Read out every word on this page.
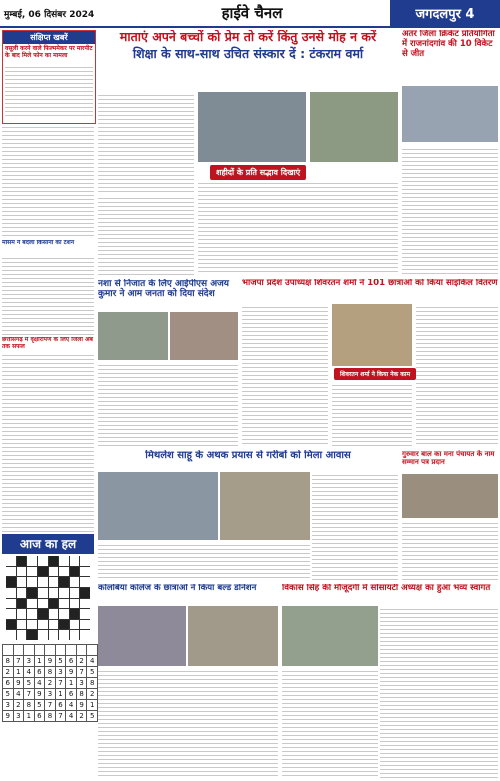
मुम्बई, 06 दिसंबर 2024	हाईवे चैनल	जगदलपुर 4
संक्षिप्त खबरें
वसूली करने वाले फिल्ममेकर पर मारपीट के बाद मिले फोन का मामला
मौसम ने बदला किसानों का टेंशन
छत्तीसगढ़ में वृक्षारोपण के लिए जिला अब तक सफल
आज का हल

8	7	3	1	9	5	6	2	4
2	1	4	6	8	3	9	7	5
6	9	5	4	2	7	1	3	8
5	4	7	9	3	1	6	8	2
3	2	8	5	7	6	4	9	1
9	3	1	6	8	7	4	2	5
माताएं अपने बच्चों को प्रेम तो करें किंतु उनसे मोह न करें
शिक्षा के साथ-साथ उचित संस्कार दें : टंकराम वर्मा
शहीदों के प्रति सद्भाव दिखाएं
अंतर जिला क्रिकेट प्रतियोगिता में राजनांदगांव की 10 विकेट से जीत
नशा से निजात के लिए आईपीएस अजय कुमार ने आम जनता को दिया संदेश
भाजपा प्रदेश उपाध्यक्ष शिवरतन शर्मा ने 101 छात्राओं को किया साइकिल वितरण
शिवरतन शर्मा ने किया नेक काम
मिथलेश साहू के अथक प्रयास से गरीबों को मिला आवास	गुरुवार बाल का मना पंचायत के नाम सम्मान पत्र प्रदान
कोलंबिया कॉलेज के छात्राओं ने किया बल्ड डोनेशन	विकास सिंह की मौजूदगी में सोसायटी अध्यक्ष का हुआ भव्य स्वागत
